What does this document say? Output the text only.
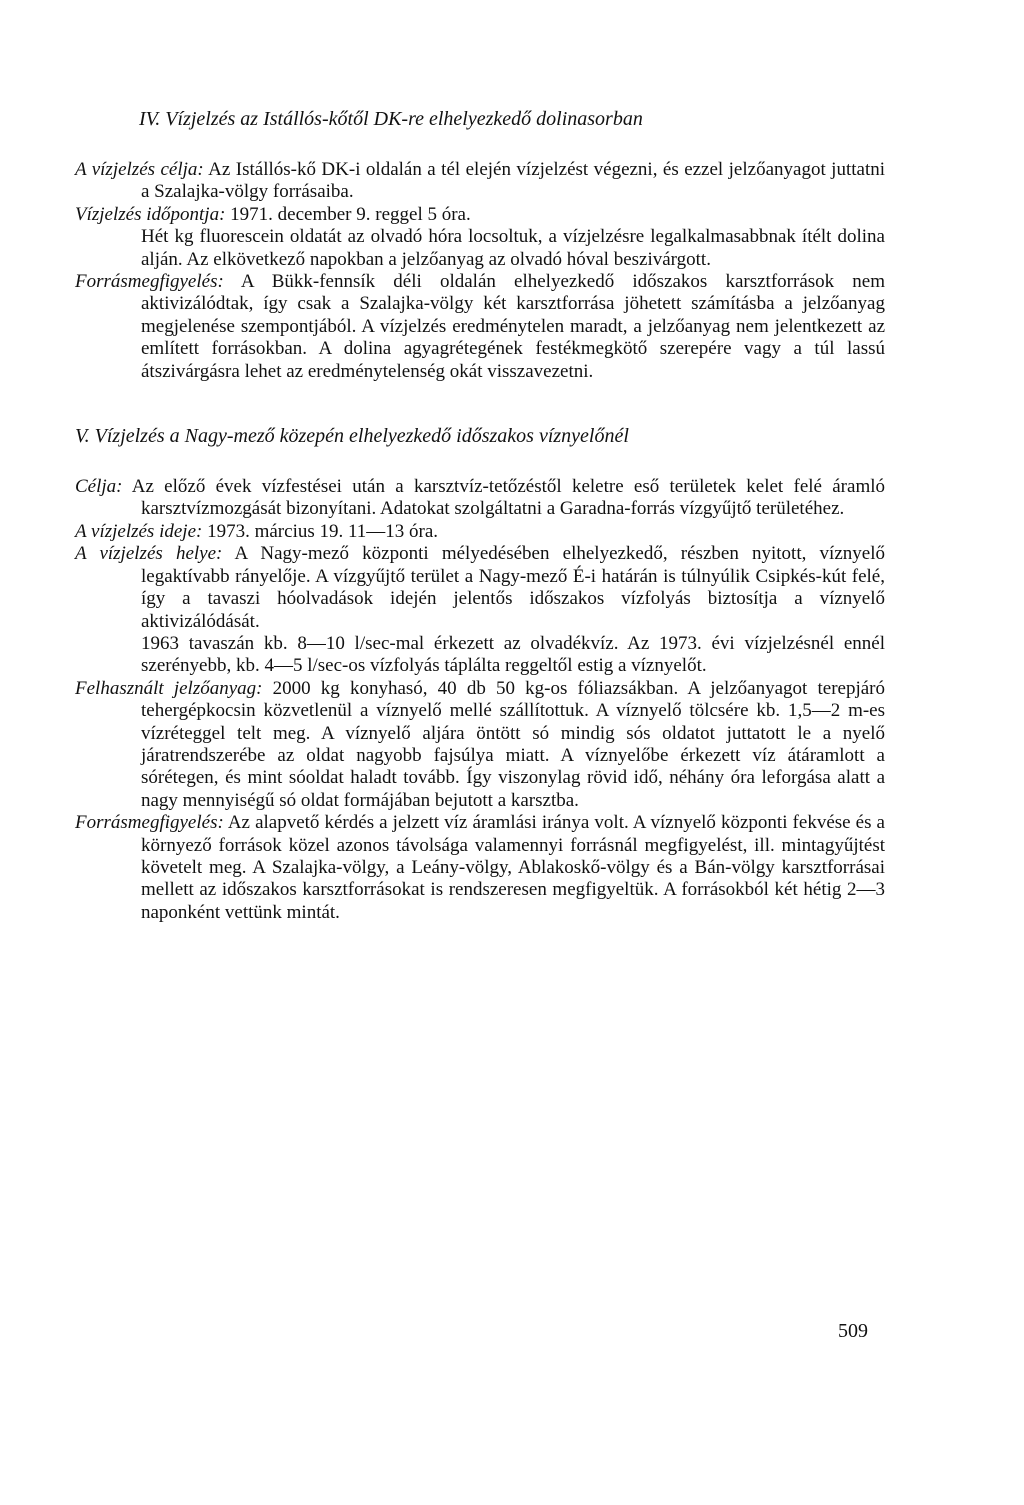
IV. Vízjelzés az Istállós-kőtől DK-re elhelyezkedő dolinasorban

A vízjelzés célja: Az Istállós-kő DK-i oldalán a tél elején vízjelzést végezni, és ezzel jelzőanyagot juttatni a Szalajka-völgy forrásaiba.

Vízjelzés időpontja: 1971. december 9. reggel 5 óra.

Hét kg fluorescein oldatát az olvadó hóra locsoltuk, a vízjelzésre legalkalmasabbnak ítélt dolina alján. Az elkövetkező napokban a jelzőanyag az olvadó hóval beszivárgott.

Forrásmegfigyelés: A Bükk-fennsík déli oldalán elhelyezkedő időszakos karsztforrások nem aktivizálódtak, így csak a Szalajka-völgy két karsztforrása jöhetett számításba a jelzőanyag megjelenése szempontjából. A vízjelzés eredménytelen maradt, a jelzőanyag nem jelentkezett az említett forrásokban. A dolina agyagrétegének festékmegkötő szerepére vagy a túl lassú átszivárgásra lehet az eredménytelenség okát visszavezetni.

V. Vízjelzés a Nagy-mező közepén elhelyezkedő időszakos víznyelőnél

Célja: Az előző évek vízfestései után a karsztvíz-tetőzéstől keletre eső területek kelet felé áramló karsztvízmozgását bizonyítani. Adatokat szolgáltatni a Garadna-forrás vízgyűjtő területéhez.

A vízjelzés ideje: 1973. március 19. 11—13 óra.

A vízjelzés helye: A Nagy-mező központi mélyedésében elhelyezkedő, részben nyitott, víznyelő legaktívabb rányelője. A vízgyűjtő terület a Nagy-mező É-i határán is túlnyúlik Csipkés-kút felé, így a tavaszi hóolvadások idején jelentős időszakos vízfolyás biztosítja a víznyelő aktivizálódását.

1963 tavaszán kb. 8—10 l/sec-mal érkezett az olvadékvíz. Az 1973. évi vízjelzésnél ennél szerényebb, kb. 4—5 l/sec-os vízfolyás táplálta reggeltől estig a víznyelőt.

Felhasznált jelzőanyag: 2000 kg konyhasó, 40 db 50 kg-os fóliazsákban. A jelzőanyagot terepjáró tehergépkocsin közvetlenül a víznyelő mellé szállítottuk. A víznyelő tölcsére kb. 1,5—2 m-es vízréteggel telt meg. A víznyelő aljára öntött só mindig sós oldatot juttatott le a nyelő járatrendszerébe az oldat nagyobb fajsúlya miatt. A víznyelőbe érkezett víz átáramlott a sórétegen, és mint sóoldat haladt tovább. Így viszonylag rövid idő, néhány óra leforgása alatt a nagy mennyiségű só oldat formájában bejutott a karsztba.

Forrásmegfigyelés: Az alapvető kérdés a jelzett víz áramlási iránya volt. A víznyelő központi fekvése és a környező források közel azonos távolsága valamennyi forrásnál megfigyelést, ill. mintagyűjtést követelt meg. A Szalajka-völgy, a Leány-völgy, Ablakoskő-völgy és a Bán-völgy karsztforrásai mellett az időszakos karsztforrásokat is rendszeresen megfigyeltük. A forrásokból két hétig 2—3 naponként vettünk mintát.

509
